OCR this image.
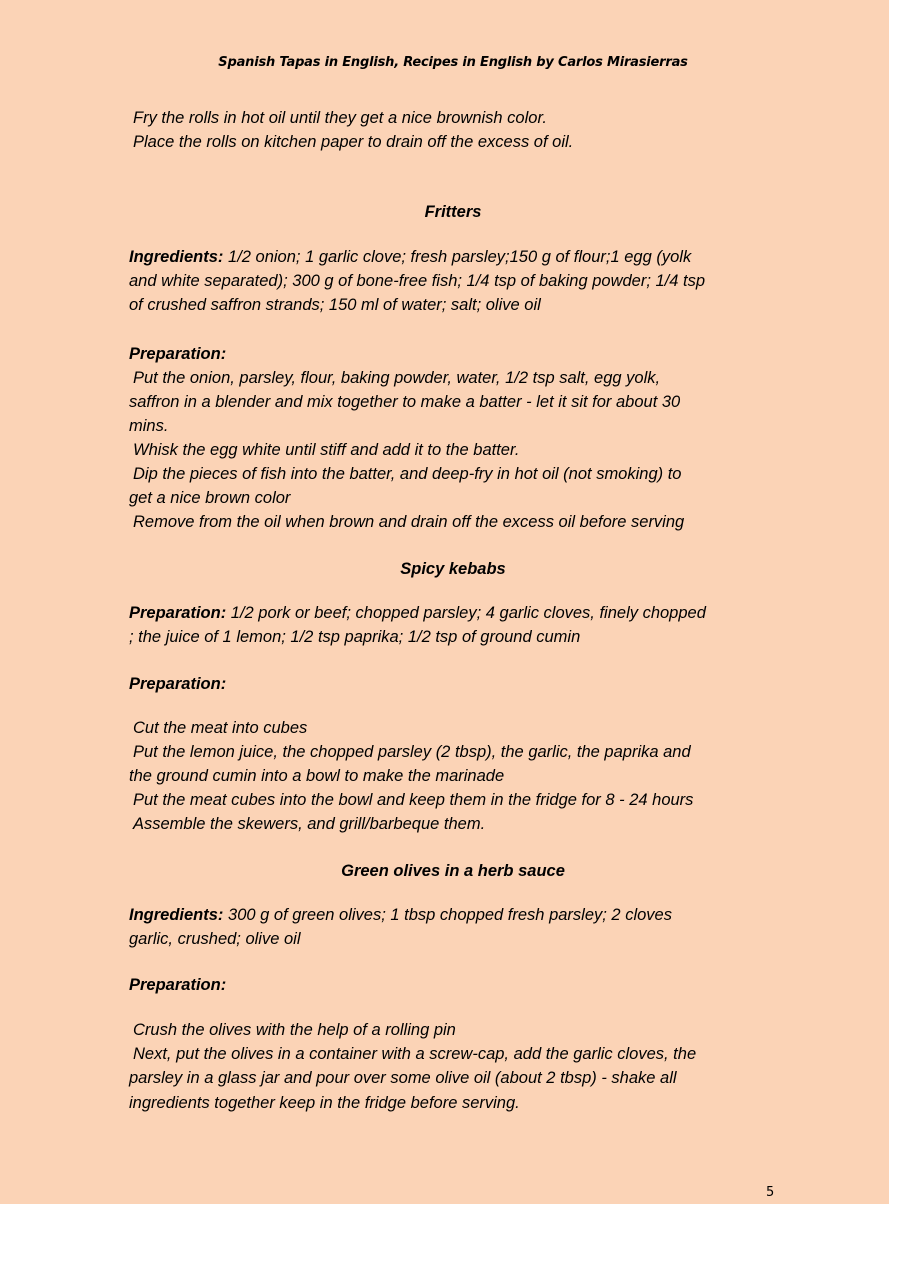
Spanish Tapas in English, Recipes in English by Carlos Mirasierras
Fry the rolls in hot oil until they get a nice brownish color.
Place the rolls on kitchen paper to drain off the excess of oil.
Fritters
Ingredients: 1/2 onion; 1 garlic clove; fresh parsley;150 g of flour;1 egg (yolk
and white separated); 300 g of bone-free fish; 1/4 tsp of baking powder; 1/4 tsp
of crushed saffron strands; 150 ml of water; salt; olive oil
Preparation:
Put the onion, parsley, flour, baking powder, water, 1/2 tsp salt, egg yolk,
saffron in a blender and mix together to make a batter - let it sit for about 30
mins.
Whisk the egg white until stiff and add it to the batter.
Dip the pieces of fish into the batter, and deep-fry in hot oil (not smoking) to
get a nice brown color
Remove from the oil when brown and drain off the excess oil before serving
Spicy kebabs
Preparation: 1/2 pork or beef; chopped parsley; 4 garlic cloves, finely chopped
; the juice of 1 lemon; 1/2 tsp paprika; 1/2 tsp of ground cumin
Preparation:
Cut the meat into cubes
Put the lemon juice, the chopped parsley (2 tbsp), the garlic, the paprika and
the ground cumin into a bowl to make the marinade
Put the meat cubes into the bowl and keep them in the fridge for 8 - 24 hours
Assemble the skewers, and grill/barbeque them.
Green olives in a herb sauce
Ingredients: 300 g of green olives; 1 tbsp chopped fresh parsley; 2 cloves
garlic, crushed; olive oil
Preparation:
Crush the olives with the help of a rolling pin
Next, put the olives in a container with a screw-cap, add the garlic cloves, the
parsley in a glass jar and pour over some olive oil (about 2 tbsp) - shake all
ingredients together keep in the fridge before serving.
5
